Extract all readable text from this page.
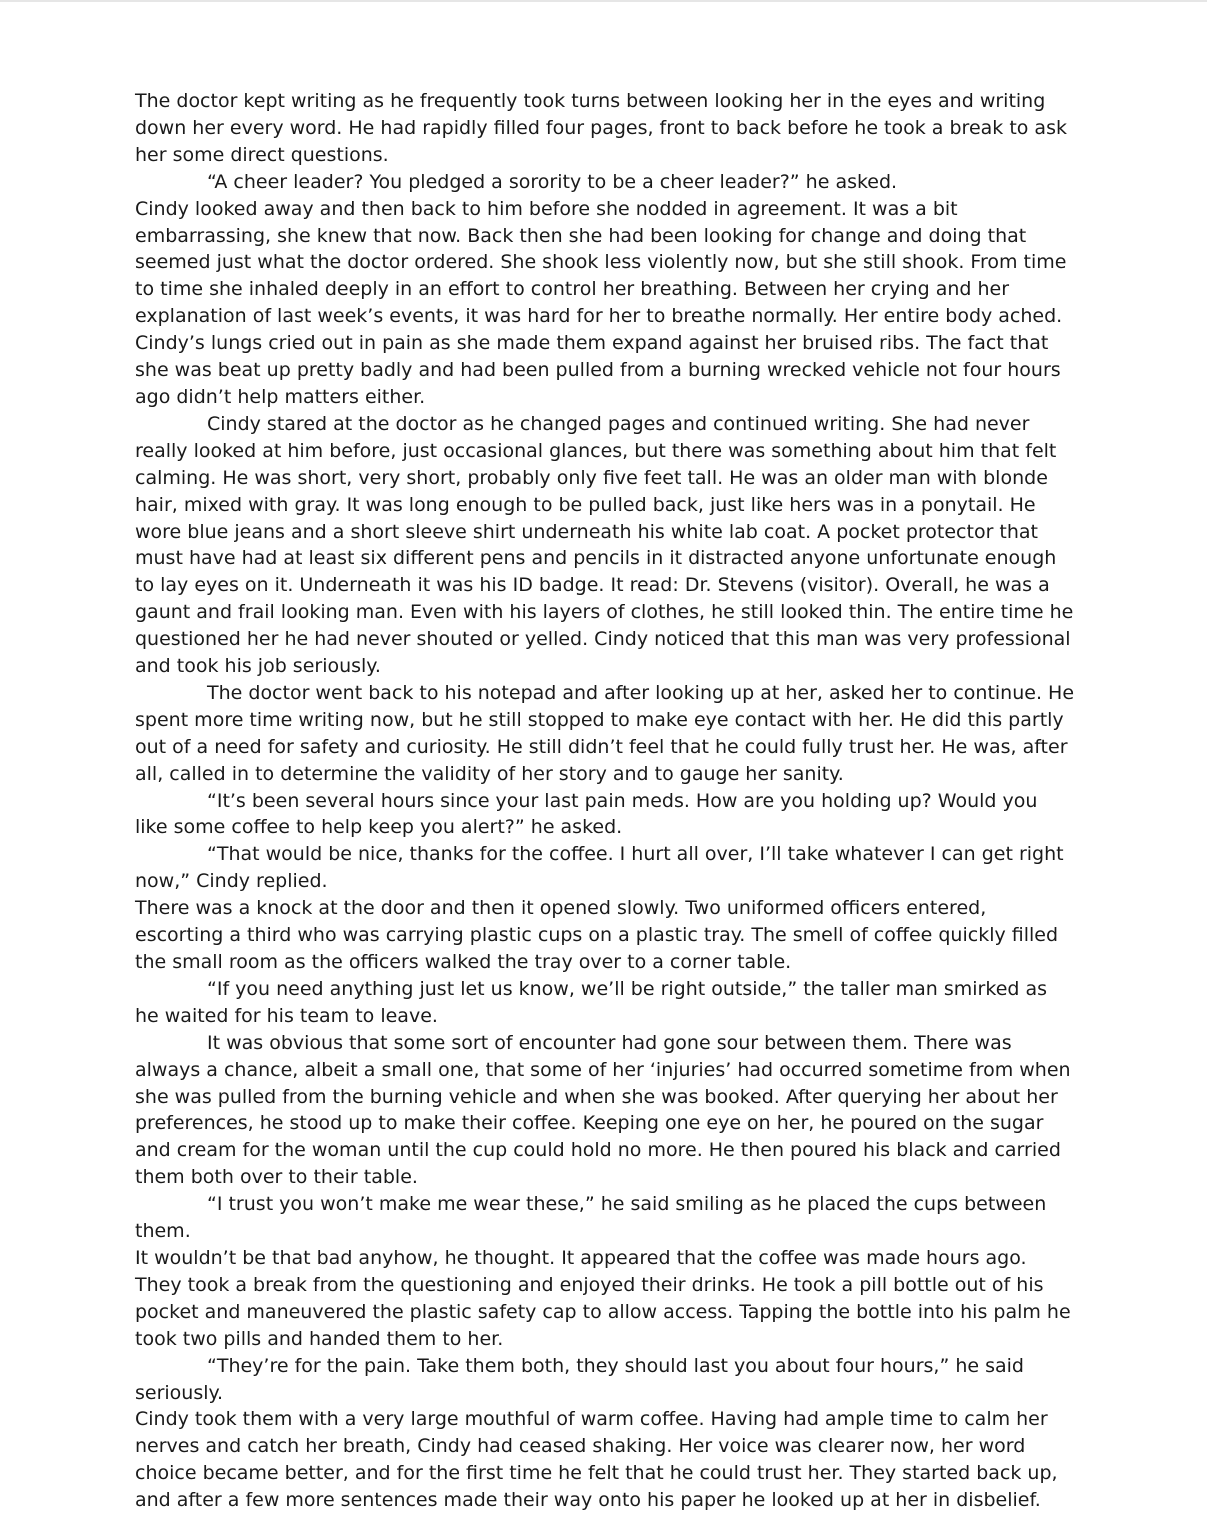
The doctor kept writing as he frequently took turns between looking her in the eyes and writing down her every word. He had rapidly filled four pages, front to back before he took a break to ask her some direct questions.

“A cheer leader? You pledged a sorority to be a cheer leader?” he asked.

Cindy looked away and then back to him before she nodded in agreement. It was a bit embarrassing, she knew that now. Back then she had been looking for change and doing that seemed just what the doctor ordered. She shook less violently now, but she still shook. From time to time she inhaled deeply in an effort to control her breathing. Between her crying and her explanation of last week’s events, it was hard for her to breathe normally. Her entire body ached. Cindy’s lungs cried out in pain as she made them expand against her bruised ribs. The fact that she was beat up pretty badly and had been pulled from a burning wrecked vehicle not four hours ago didn’t help matters either.

Cindy stared at the doctor as he changed pages and continued writing. She had never really looked at him before, just occasional glances, but there was something about him that felt calming. He was short, very short, probably only five feet tall. He was an older man with blonde hair, mixed with gray. It was long enough to be pulled back, just like hers was in a ponytail. He wore blue jeans and a short sleeve shirt underneath his white lab coat. A pocket protector that must have had at least six different pens and pencils in it distracted anyone unfortunate enough to lay eyes on it. Underneath it was his ID badge. It read: Dr. Stevens (visitor). Overall, he was a gaunt and frail looking man. Even with his layers of clothes, he still looked thin. The entire time he questioned her he had never shouted or yelled. Cindy noticed that this man was very professional and took his job seriously.

The doctor went back to his notepad and after looking up at her, asked her to continue. He spent more time writing now, but he still stopped to make eye contact with her. He did this partly out of a need for safety and curiosity. He still didn’t feel that he could fully trust her. He was, after all, called in to determine the validity of her story and to gauge her sanity.

“It’s been several hours since your last pain meds. How are you holding up? Would you like some coffee to help keep you alert?” he asked.

“That would be nice, thanks for the coffee. I hurt all over, I’ll take whatever I can get right now,” Cindy replied.

There was a knock at the door and then it opened slowly. Two uniformed officers entered, escorting a third who was carrying plastic cups on a plastic tray. The smell of coffee quickly filled the small room as the officers walked the tray over to a corner table.

“If you need anything just let us know, we’ll be right outside,” the taller man smirked as he waited for his team to leave.

It was obvious that some sort of encounter had gone sour between them. There was always a chance, albeit a small one, that some of her ‘injuries’ had occurred sometime from when she was pulled from the burning vehicle and when she was booked. After querying her about her preferences, he stood up to make their coffee. Keeping one eye on her, he poured on the sugar and cream for the woman until the cup could hold no more. He then poured his black and carried them both over to their table.

“I trust you won’t make me wear these,” he said smiling as he placed the cups between them.

It wouldn’t be that bad anyhow, he thought. It appeared that the coffee was made hours ago. They took a break from the questioning and enjoyed their drinks. He took a pill bottle out of his pocket and maneuvered the plastic safety cap to allow access. Tapping the bottle into his palm he took two pills and handed them to her.

“They’re for the pain. Take them both, they should last you about four hours,” he said seriously.

Cindy took them with a very large mouthful of warm coffee. Having had ample time to calm her nerves and catch her breath, Cindy had ceased shaking. Her voice was clearer now, her word choice became better, and for the first time he felt that he could trust her. They started back up, and after a few more sentences made their way onto his paper he looked up at her in disbelief.
